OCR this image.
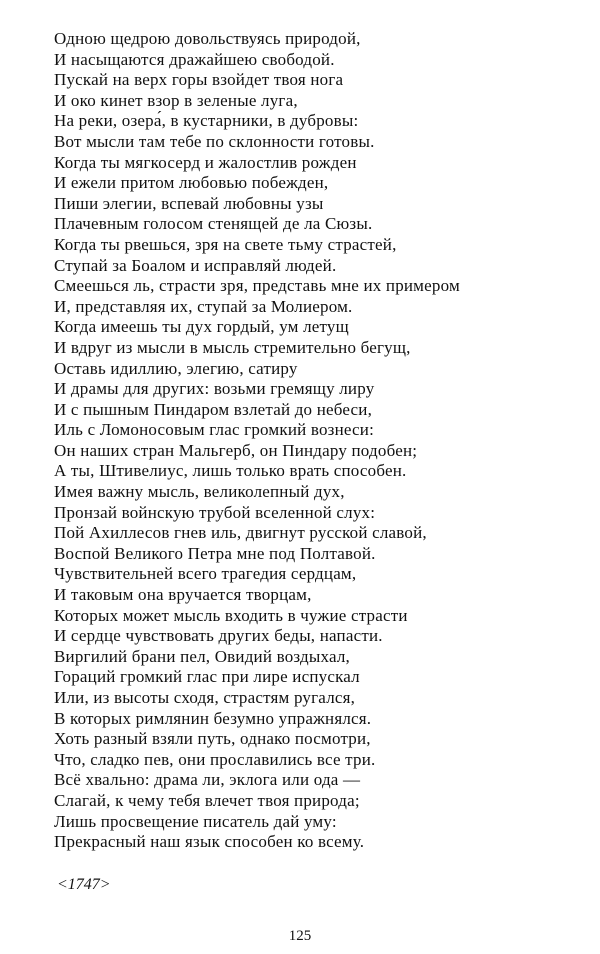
Одною щедрою довольствуясь природой,
И насыщаются дражайшею свободой.
Пускай на верх горы взойдет твоя нога
И око кинет взор в зеленые луга,
На реки, озера́, в кустарники, в дубровы:
Вот мысли там тебе по склонности готовы.
Когда ты мягкосерд и жалостлив рожден
И ежели притом любовью побежден,
Пиши элегии, вспевай любовны узы
Плачевным голосом стенящей де ла Сюзы.
Когда ты рвешься, зря на свете тьму страстей,
Ступай за Боалом и исправляй людей.
Смеешься ль, страсти зря, представь мне их примером
И, представляя их, ступай за Молиером.
Когда имеешь ты дух гордый, ум летущ
И вдруг из мысли в мысль стремительно бегущ,
Оставь идиллию, элегию, сатиру
И драмы для других: возьми гремящу лиру
И с пышным Пиндаром взлетай до небеси,
Иль с Ломоносовым глас громкий вознеси:
Он наших стран Мальгерб, он Пиндару подобен;
А ты, Штивелиус, лишь только врать способен.
Имея важну мысль, великолепный дух,
Пронзай войнскую трубой вселенной слух:
Пой Ахиллесов гнев иль, двигнут русской славой,
Воспой Великого Петра мне под Полтавой.
Чувствительней всего трагедия сердцам,
И таковым она вручается творцам,
Которых может мысль входить в чужие страсти
И сердце чувствовать других беды, напасти.
Виргилий брани пел, Овидий воздыхал,
Гораций громкий глас при лире испускал
Или, из высоты сходя, страстям ругался,
В которых римлянин безумно упражнялся.
Хоть разный взяли путь, однако посмотри,
Что, сладко пев, они прославились все три.
Всё хвально: драма ли, эклога или ода —
Слагай, к чему тебя влечет твоя природа;
Лишь просвещение писатель дай уму:
Прекрасный наш язык способен ко всему.
<1747>
125
